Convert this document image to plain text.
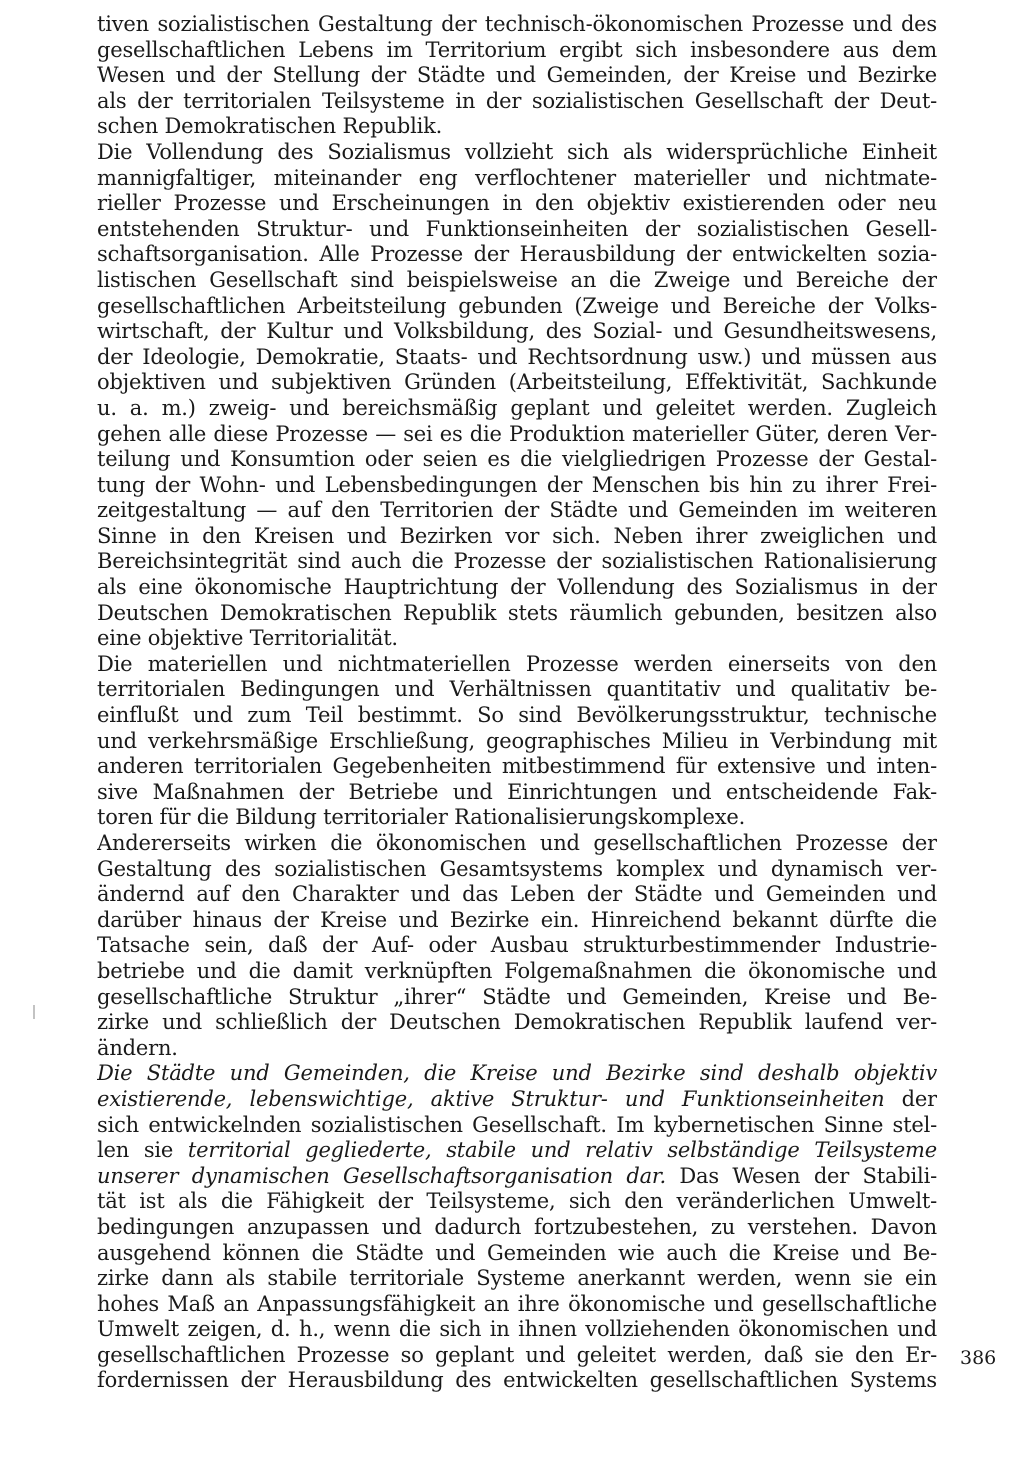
tiven sozialistischen Gestaltung der technisch-ökonomischen Prozesse und des
gesellschaftlichen Lebens im Territorium ergibt sich insbesondere aus dem
Wesen und der Stellung der Städte und Gemeinden, der Kreise und Bezirke
als der territorialen Teilsysteme in der sozialistischen Gesellschaft der Deut-
schen Demokratischen Republik.
Die Vollendung des Sozialismus vollzieht sich als widersprüchliche Einheit
mannigfaltiger, miteinander eng verflochtener materieller und nichtmate-
rieller Prozesse und Erscheinungen in den objektiv existierenden oder neu
entstehenden Struktur- und Funktionseinheiten der sozialistischen Gesell-
schaftsorganisation. Alle Prozesse der Herausbildung der entwickelten sozia-
listischen Gesellschaft sind beispielsweise an die Zweige und Bereiche der
gesellschaftlichen Arbeitsteilung gebunden (Zweige und Bereiche der Volks-
wirtschaft, der Kultur und Volksbildung, des Sozial- und Gesundheitswesens,
der Ideologie, Demokratie, Staats- und Rechtsordnung usw.) und müssen aus
objektiven und subjektiven Gründen (Arbeitsteilung, Effektivität, Sachkunde
u. a. m.) zweig- und bereichsmäßig geplant und geleitet werden. Zugleich
gehen alle diese Prozesse — sei es die Produktion materieller Güter, deren Ver-
teilung und Konsumtion oder seien es die vielgliedrigen Prozesse der Gestal-
tung der Wohn- und Lebensbedingungen der Menschen bis hin zu ihrer Frei-
zeitgestaltung — auf den Territorien der Städte und Gemeinden im weiteren
Sinne in den Kreisen und Bezirken vor sich. Neben ihrer zweiglichen und
Bereichsintegrität sind auch die Prozesse der sozialistischen Rationalisierung
als eine ökonomische Hauptrichtung der Vollendung des Sozialismus in der
Deutschen Demokratischen Republik stets räumlich gebunden, besitzen also
eine objektive Territorialität.
Die materiellen und nichtmateriellen Prozesse werden einerseits von den
territorialen Bedingungen und Verhältnissen quantitativ und qualitativ be-
einflußt und zum Teil bestimmt. So sind Bevölkerungsstruktur, technische
und verkehrsmäßige Erschließung, geographisches Milieu in Verbindung mit
anderen territorialen Gegebenheiten mitbestimmend für extensive und inten-
sive Maßnahmen der Betriebe und Einrichtungen und entscheidende Fak-
toren für die Bildung territorialer Rationalisierungskomplexe.
Andererseits wirken die ökonomischen und gesellschaftlichen Prozesse der
Gestaltung des sozialistischen Gesamtsystems komplex und dynamisch ver-
ändernd auf den Charakter und das Leben der Städte und Gemeinden und
darüber hinaus der Kreise und Bezirke ein. Hinreichend bekannt dürfte die
Tatsache sein, daß der Auf- oder Ausbau strukturbestimmender Industrie-
betriebe und die damit verknüpften Folgemaßnahmen die ökonomische und
gesellschaftliche Struktur „ihrer“ Städte und Gemeinden, Kreise und Be-
zirke und schließlich der Deutschen Demokratischen Republik laufend ver-
ändern.
Die Städte und Gemeinden, die Kreise und Bezirke sind deshalb objektiv
existierende, lebenswichtige, aktive Struktur- und Funktionseinheiten der
sich entwickelnden sozialistischen Gesellschaft. Im kybernetischen Sinne stel-
len sie territorial gegliederte, stabile und relativ selbständige Teilsysteme
unserer dynamischen Gesellschaftsorganisation dar. Das Wesen der Stabili-
tät ist als die Fähigkeit der Teilsysteme, sich den veränderlichen Umwelt-
bedingungen anzupassen und dadurch fortzubestehen, zu verstehen. Davon
ausgehend können die Städte und Gemeinden wie auch die Kreise und Be-
zirke dann als stabile territoriale Systeme anerkannt werden, wenn sie ein
hohes Maß an Anpassungsfähigkeit an ihre ökonomische und gesellschaftliche
Umwelt zeigen, d. h., wenn die sich in ihnen vollziehenden ökonomischen und
gesellschaftlichen Prozesse so geplant und geleitet werden, daß sie den Er-
fordernissen der Herausbildung des entwickelten gesellschaftlichen Systems
386
